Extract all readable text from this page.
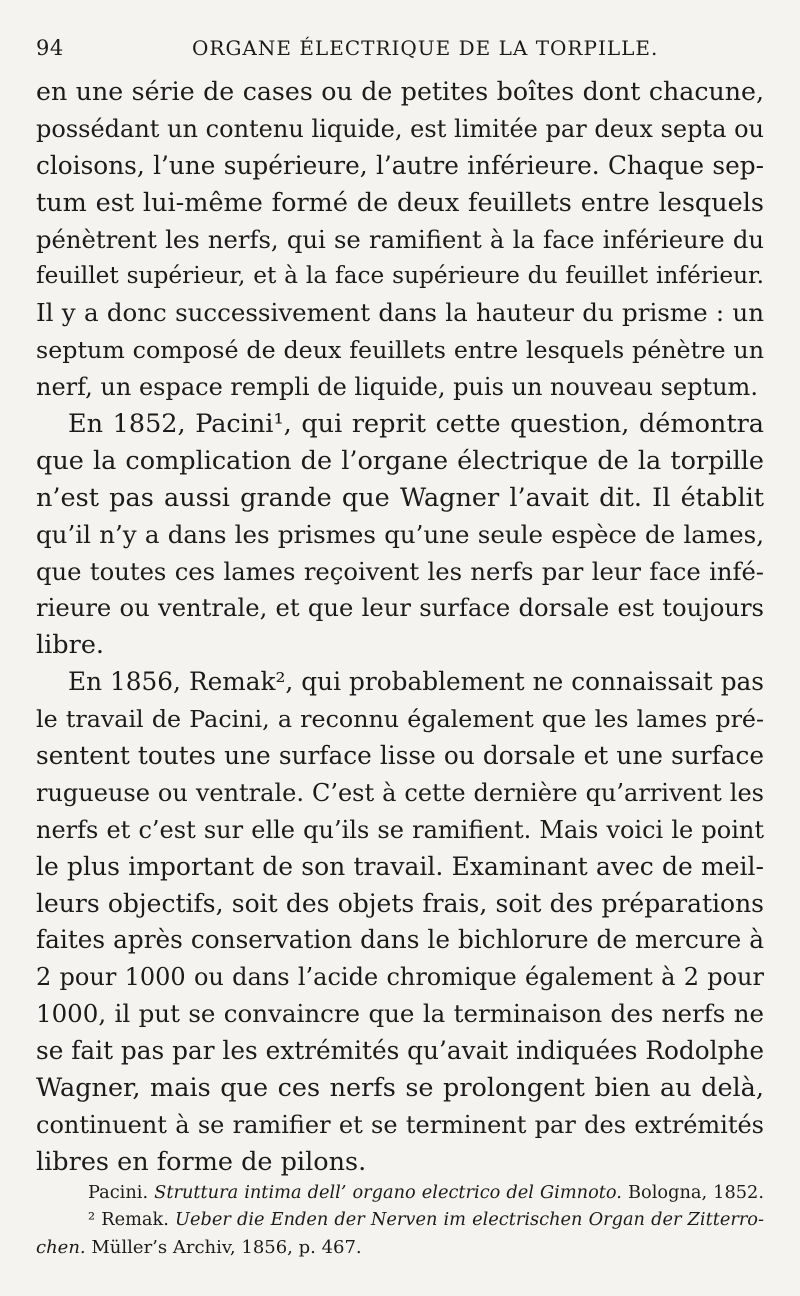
94	ORGANE ÉLECTRIQUE DE LA TORPILLE.
en une série de cases ou de petites boîtes dont chacune,
possédant un contenu liquide, est limitée par deux septa ou
cloisons, l’une supérieure, l’autre inférieure. Chaque sep-
tum est lui-même formé de deux feuillets entre lesquels
pénètrent les nerfs, qui se ramifient à la face inférieure du
feuillet supérieur, et à la face supérieure du feuillet inférieur.
Il y a donc successivement dans la hauteur du prisme : un
septum composé de deux feuillets entre lesquels pénètre un
nerf, un espace rempli de liquide, puis un nouveau septum.
En 1852, Pacini¹, qui reprit cette question, démontra
que la complication de l’organe électrique de la torpille
n’est pas aussi grande que Wagner l’avait dit. Il établit
qu’il n’y a dans les prismes qu’une seule espèce de lames,
que toutes ces lames reçoivent les nerfs par leur face infé-
rieure ou ventrale, et que leur surface dorsale est toujours
libre.
En 1856, Remak², qui probablement ne connaissait pas
le travail de Pacini, a reconnu également que les lames pré-
sentent toutes une surface lisse ou dorsale et une surface
rugueuse ou ventrale. C’est à cette dernière qu’arrivent les
nerfs et c’est sur elle qu’ils se ramifient. Mais voici le point
le plus important de son travail. Examinant avec de meil-
leurs objectifs, soit des objets frais, soit des préparations
faites après conservation dans le bichlorure de mercure à
2 pour 1000 ou dans l’acide chromique également à 2 pour
1000, il put se convaincre que la terminaison des nerfs ne
se fait pas par les extrémités qu’avait indiquées Rodolphe
Wagner, mais que ces nerfs se prolongent bien au delà,
continuent à se ramifier et se terminent par des extrémités
libres en forme de pilons.
Pacini. Struttura intima dell’ organo electrico del Gimnoto. Bologna, 1852.
² Remak. Ueber die Enden der Nerven im electrischen Organ der Zitterro-
chen. Müller’s Archiv, 1856, p. 467.
